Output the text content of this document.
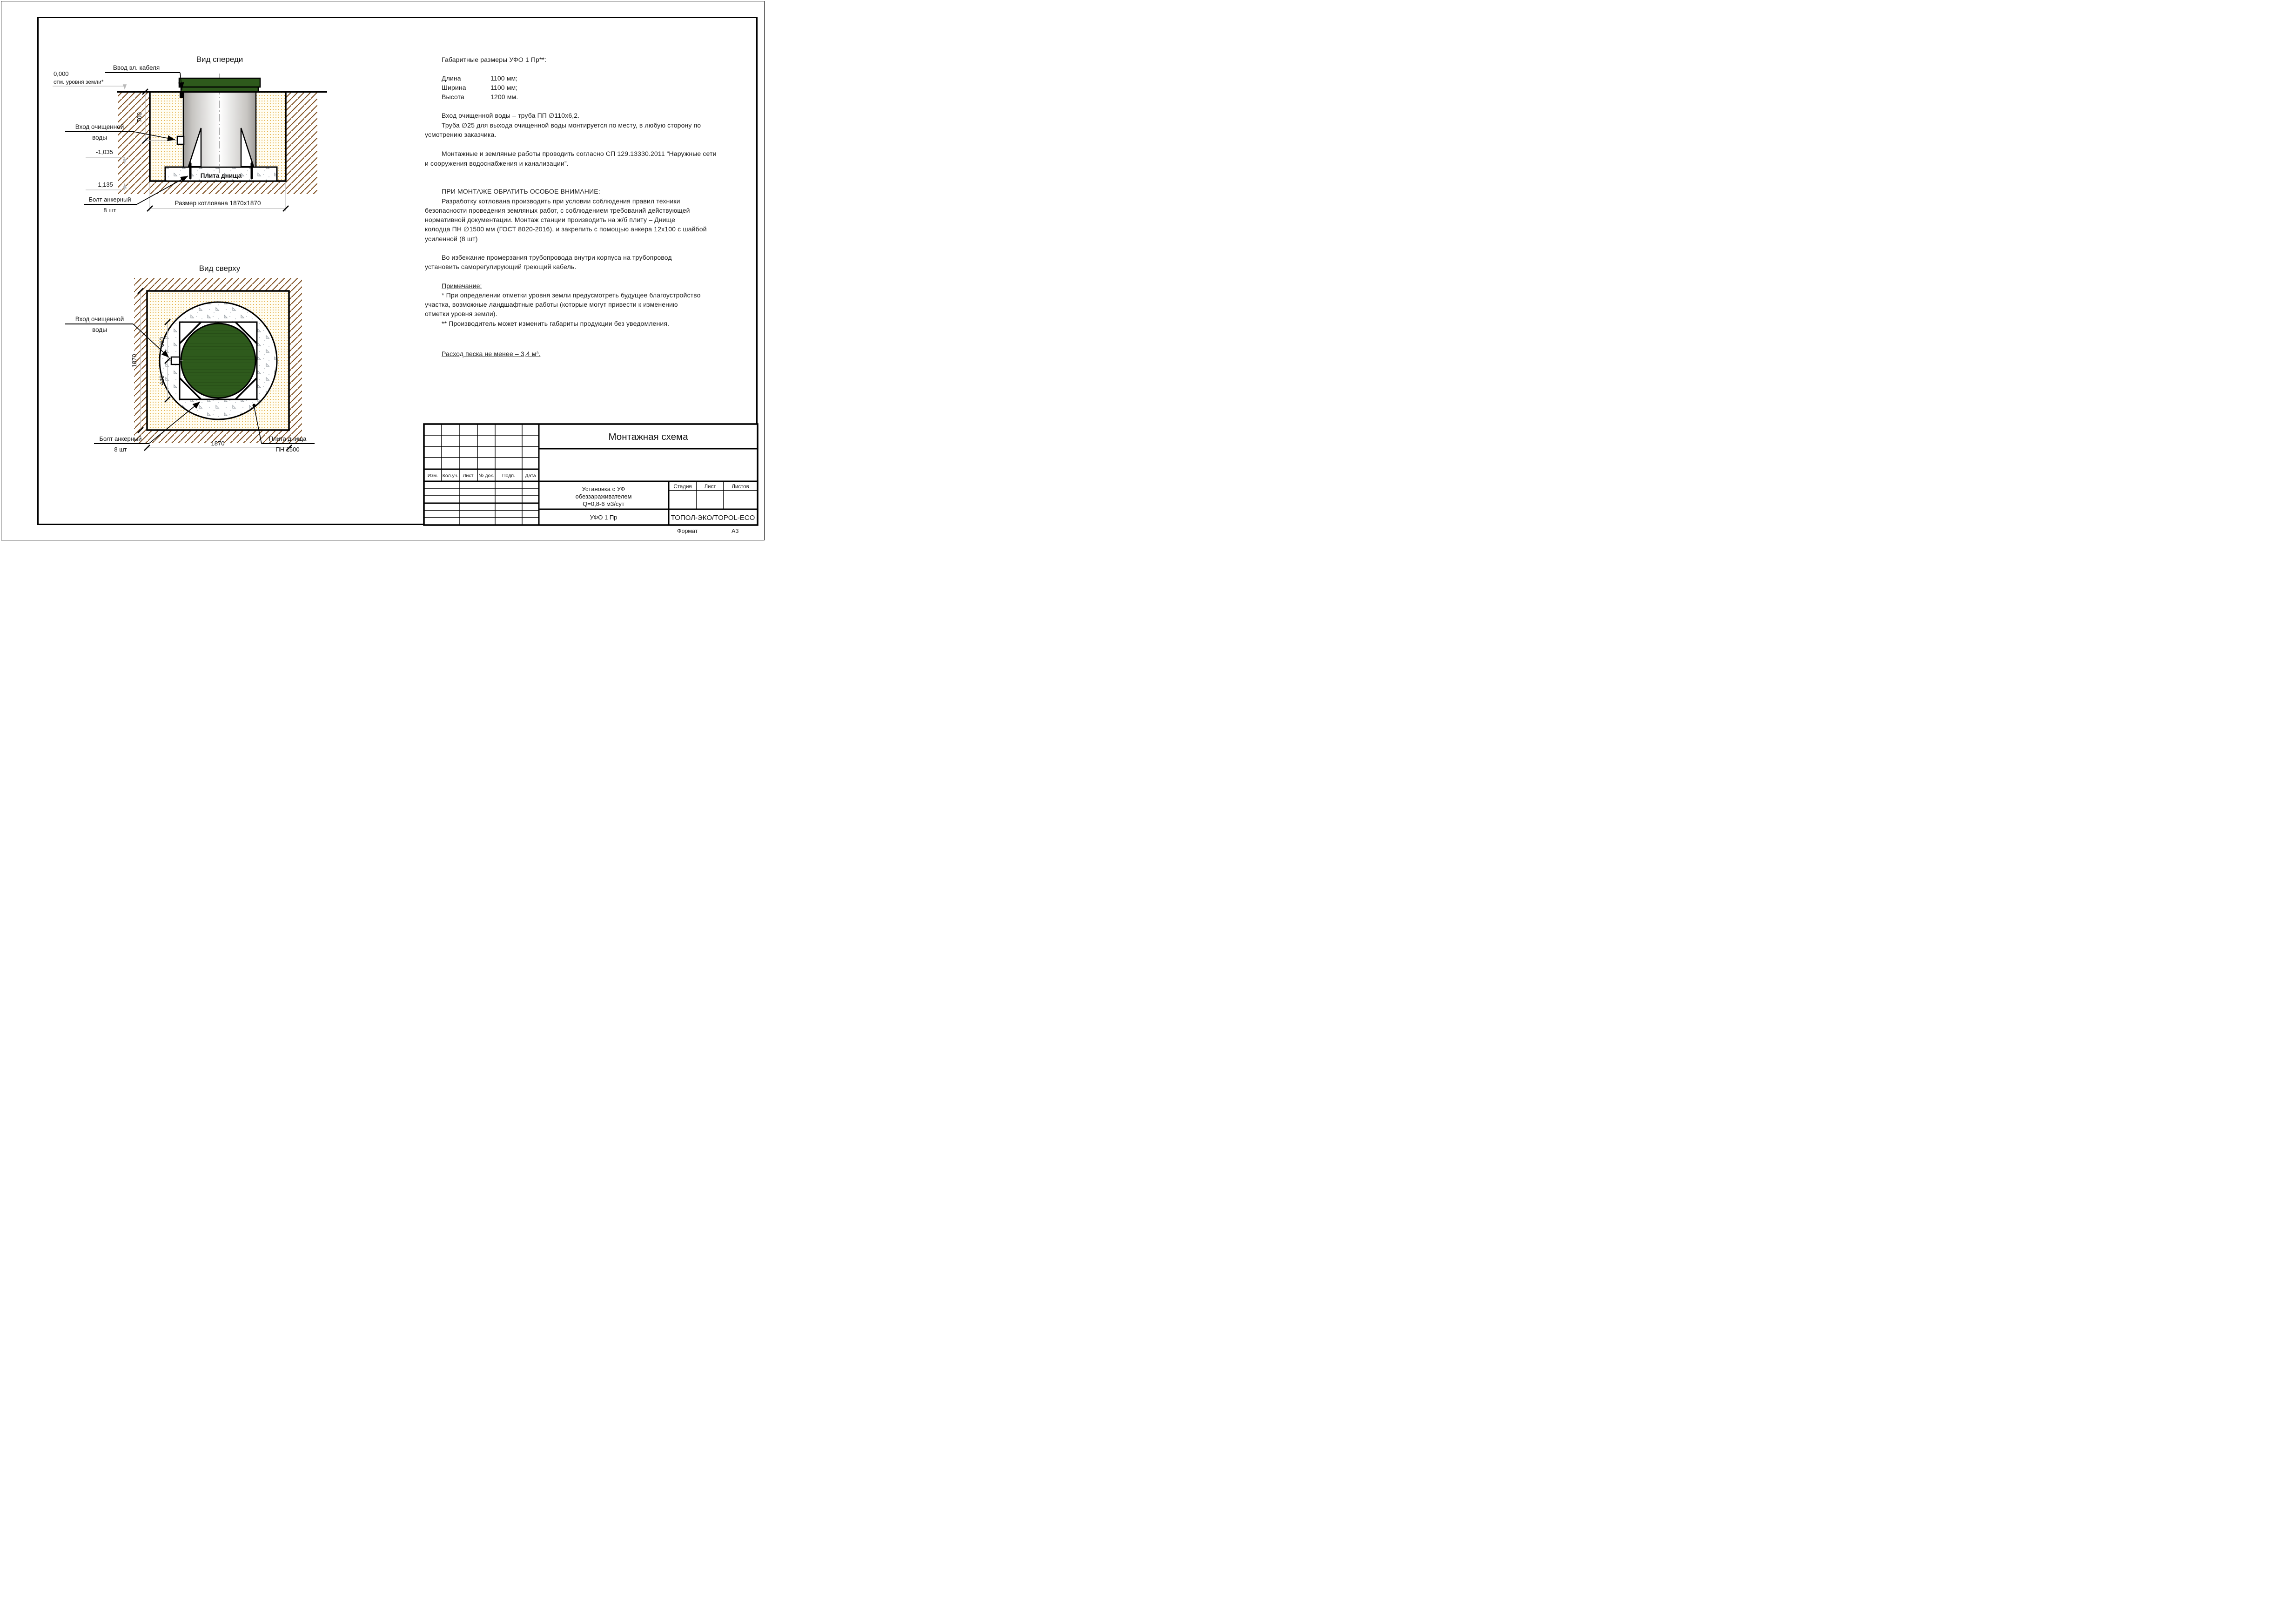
Плита днища
0,000
отм. уровня земли*
700
-1,035
-1,135
Размер котлована 1870х1870
Вид спереди
Ввод эл. кабеля
Вход очищенной
воды
Болт анкерный
8 шт
660
440
1870
1870
Вид сверху
Вход очищенной
воды
Болт анкерный
8 шт
Плита днища
ПН 1500
Габаритные размеры УФО 1 Пр**:
Длина	1100 мм;
Ширина	1100 мм;
Высота	1200 мм.
Вход очищенной воды – труба ПП ∅110х6,2.
Труба ∅25 для выхода очищенной воды монтируется по месту, в любую сторону по
усмотрению заказчика.
Монтажные и земляные работы проводить согласно СП 129.13330.2011 “Наружные сети
и сооружения водоснабжения и канализации”.
ПРИ МОНТАЖЕ ОБРАТИТЬ ОСОБОЕ ВНИМАНИЕ:
Разработку котлована производить при условии соблюдения правил техники
безопасности проведения земляных работ, с соблюдением требований действующей
нормативной документации. Монтаж станции производить на ж/б плиту – Днище
колодца ПН ∅1500 мм (ГОСТ 8020-2016), и закрепить с помощью анкера 12х100 с шайбой
усиленной (8 шт)
Во избежание промерзания трубопровода внутри корпуса на трубопровод
установить саморегулирующий греющий кабель.
Примечание:
* При определении отметки уровня земли предусмотреть будущее благоустройство
участка, возможные ландшафтные работы (которые могут привести к изменению
отметки уровня земли).
** Производитель может изменить габариты продукции без уведомления.
Расход песка не менее – 3,4 м³.
Изм. Кол.уч. Лист № док. Подп. Дата
Монтажная схема
Установка с УФ
обеззараживателем
Q=0,8-6 м3/сут
Стадия Лист	Листов
УФО 1 Пр	ТОПОЛ-ЭКО/TOPOL-ECO
Формат	А3
